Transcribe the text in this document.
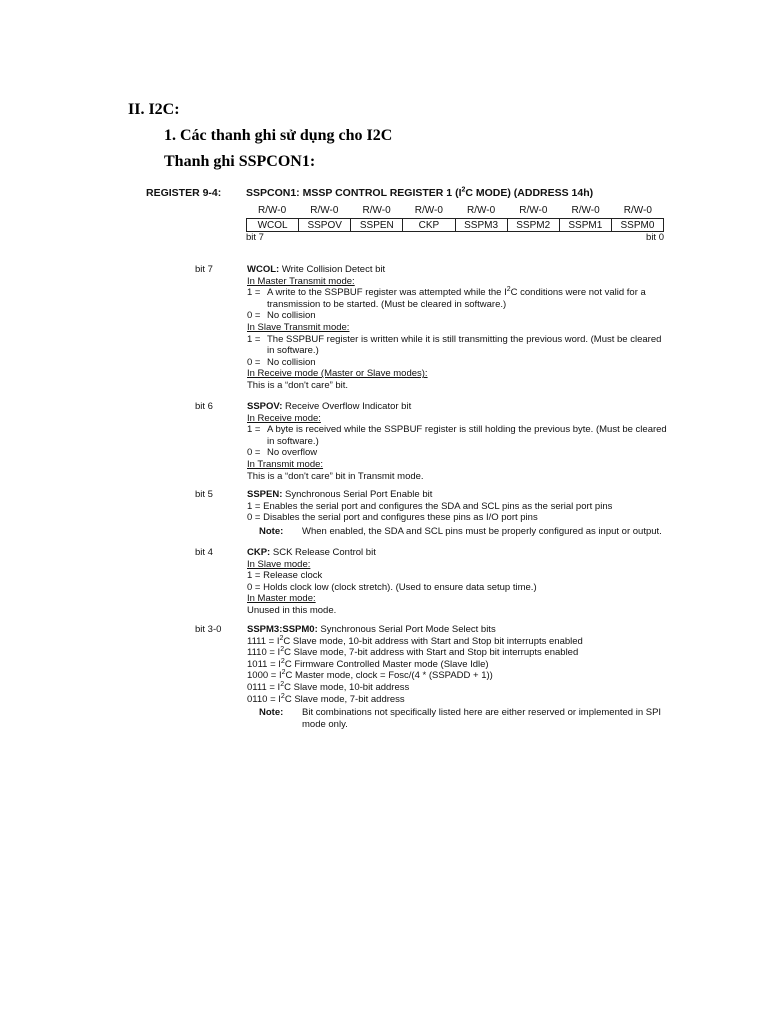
II. I2C:
1. Các thanh ghi sử dụng cho I2C
Thanh ghi SSPCON1:
REGISTER 9-4: SSPCON1: MSSP CONTROL REGISTER 1 ($I^2C$ MODE) (ADDRESS 14h)
R/W-0	R/W-0	R/W-0	R/W-0	R/W-0	R/W-0	R/W-0	R/W-0
WCOL	SSPOV	SSPEN	CKP	SSPM3	SSPM2	SSPM1	SSPM0
bit 7	bit 0
bit 7	WCOL: Write Collision Detect bit
In Master Transmit mode:
1 = A write to the SSPBUF register was attempted while the $I^2C$ conditions were not valid for a transmission to be started. (Must be cleared in software.)
0 = No collision
In Slave Transmit mode:
1 = The SSPBUF register is written while it is still transmitting the previous word. (Must be cleared in software.)
0 = No collision
In Receive mode (Master or Slave modes):
This is a “don't care” bit.
bit 6	SSPOV: Receive Overflow Indicator bit
In Receive mode:
1 = A byte is received while the SSPBUF register is still holding the previous byte. (Must be cleared in software.)
0 = No overflow
In Transmit mode:
This is a “don't care” bit in Transmit mode.
bit 5	SSPEN: Synchronous Serial Port Enable bit
1 = Enables the serial port and configures the SDA and SCL pins as the serial port pins
0 = Disables the serial port and configures these pins as I/O port pins
Note:	When enabled, the SDA and SCL pins must be properly configured as input or output.
bit 4	CKP: SCK Release Control bit
In Slave mode:
1 = Release clock
0 = Holds clock low (clock stretch). (Used to ensure data setup time.)
In Master mode:
Unused in this mode.
bit 3-0	SSPM3:SSPM0: Synchronous Serial Port Mode Select bits
$1111 = I^2C$ Slave mode, 10-bit address with Start and Stop bit interrupts enabled
$1110 = I^2C$ Slave mode, 7-bit address with Start and Stop bit interrupts enabled
$1011 = I^2C$ Firmware Controlled Master mode (Slave Idle)
$1000 = I^2C$ Master mode, clock = Fosc/(4 * (SSPADD + 1))
$0111 = I^2C$ Slave mode, 10-bit address
$0110 = I^2C$ Slave mode, 7-bit address
Note:	Bit combinations not specifically listed here are either reserved or implemented in SPI mode only.
